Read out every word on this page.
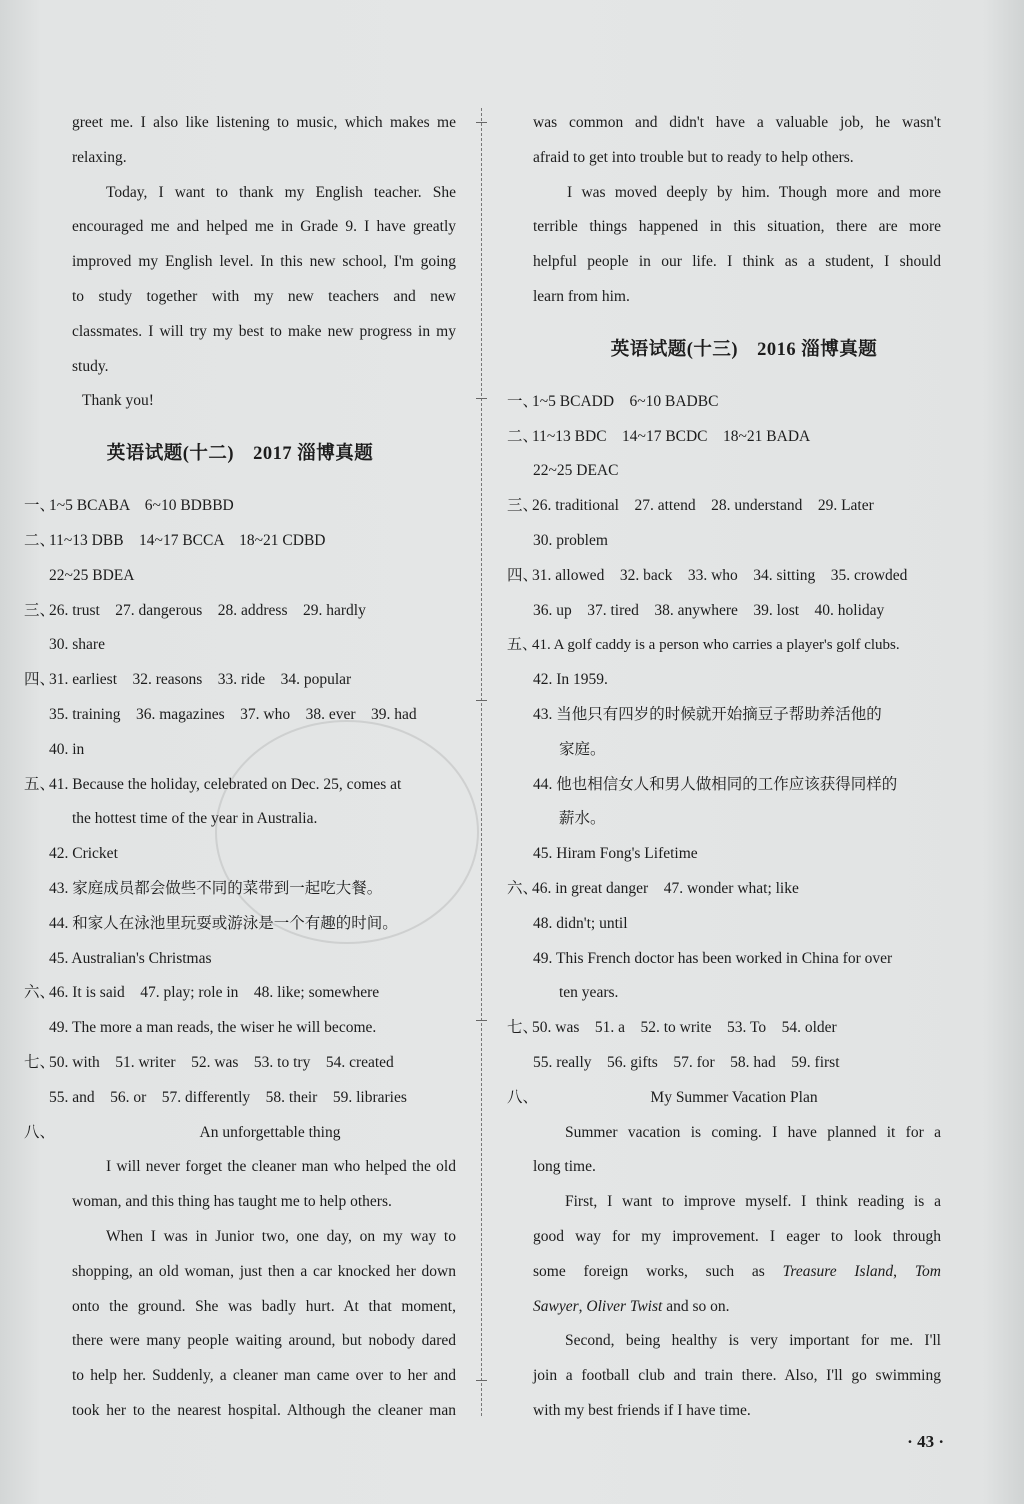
greet me. I also like listening to music, which makes me
relaxing.
Today, I want to thank my English teacher. She
encouraged me and helped me in Grade 9. I have greatly
improved my English level. In this new school, I'm going
to study together with my new teachers and new
classmates. I will try my best to make new progress in my
study.
Thank you!
英语试题(十二)　2017 淄博真题
一、1~5 BCABA　6~10 BDBBD
二、11~13 DBB　14~17 BCCA　18~21 CDBD
22~25 BDEA
三、26. trust　27. dangerous　28. address　29. hardly
30. share
四、31. earliest　32. reasons　33. ride　34. popular
35. training　36. magazines　37. who　38. ever　39. had
40. in
五、41. Because the holiday, celebrated on Dec. 25, comes at
the hottest time of the year in Australia.
42. Cricket
43. 家庭成员都会做些不同的菜带到一起吃大餐。
44. 和家人在泳池里玩耍或游泳是一个有趣的时间。
45. Australian's Christmas
六、46. It is said　47. play; role in　48. like; somewhere
49. The more a man reads, the wiser he will become.
七、50. with　51. writer　52. was　53. to try　54. created
55. and　56. or　57. differently　58. their　59. libraries
八、	An unforgettable thing
I will never forget the cleaner man who helped the old
woman, and this thing has taught me to help others.
When I was in Junior two, one day, on my way to
shopping, an old woman, just then a car knocked her down
onto the ground. She was badly hurt. At that moment,
there were many people waiting around, but nobody dared
to help her. Suddenly, a cleaner man came over to her and
took her to the nearest hospital. Although the cleaner man
was common and didn't have a valuable job, he wasn't
afraid to get into trouble but to ready to help others.
I was moved deeply by him. Though more and more
terrible things happened in this situation, there are more
helpful people in our life. I think as a student, I should
learn from him.
英语试题(十三)　2016 淄博真题
一、1~5 BCADD　6~10 BADBC
二、11~13 BDC　14~17 BCDC　18~21 BADA
22~25 DEAC
三、26. traditional　27. attend　28. understand　29. Later
30. problem
四、31. allowed　32. back　33. who　34. sitting　35. crowded
36. up　37. tired　38. anywhere　39. lost　40. holiday
五、41. A golf caddy is a person who carries a player's golf clubs.
42. In 1959.
43. 当他只有四岁的时候就开始摘豆子帮助养活他的
家庭。
44. 他也相信女人和男人做相同的工作应该获得同样的
薪水。
45. Hiram Fong's Lifetime
六、46. in great danger　47. wonder what; like
48. didn't; until
49. This French doctor has been worked in China for over
ten years.
七、50. was　51. a　52. to write　53. To　54. older
55. really　56. gifts　57. for　58. had　59. first
八、	My Summer Vacation Plan
Summer vacation is coming. I have planned it for a
long time.
First, I want to improve myself. I think reading is a
good way for my improvement. I eager to look through
some foreign works, such as Treasure Island, Tom
Sawyer, Oliver Twist and so on.
Second, being healthy is very important for me. I'll
join a football club and train there. Also, I'll go swimming
with my best friends if I have time.
· 43 ·
